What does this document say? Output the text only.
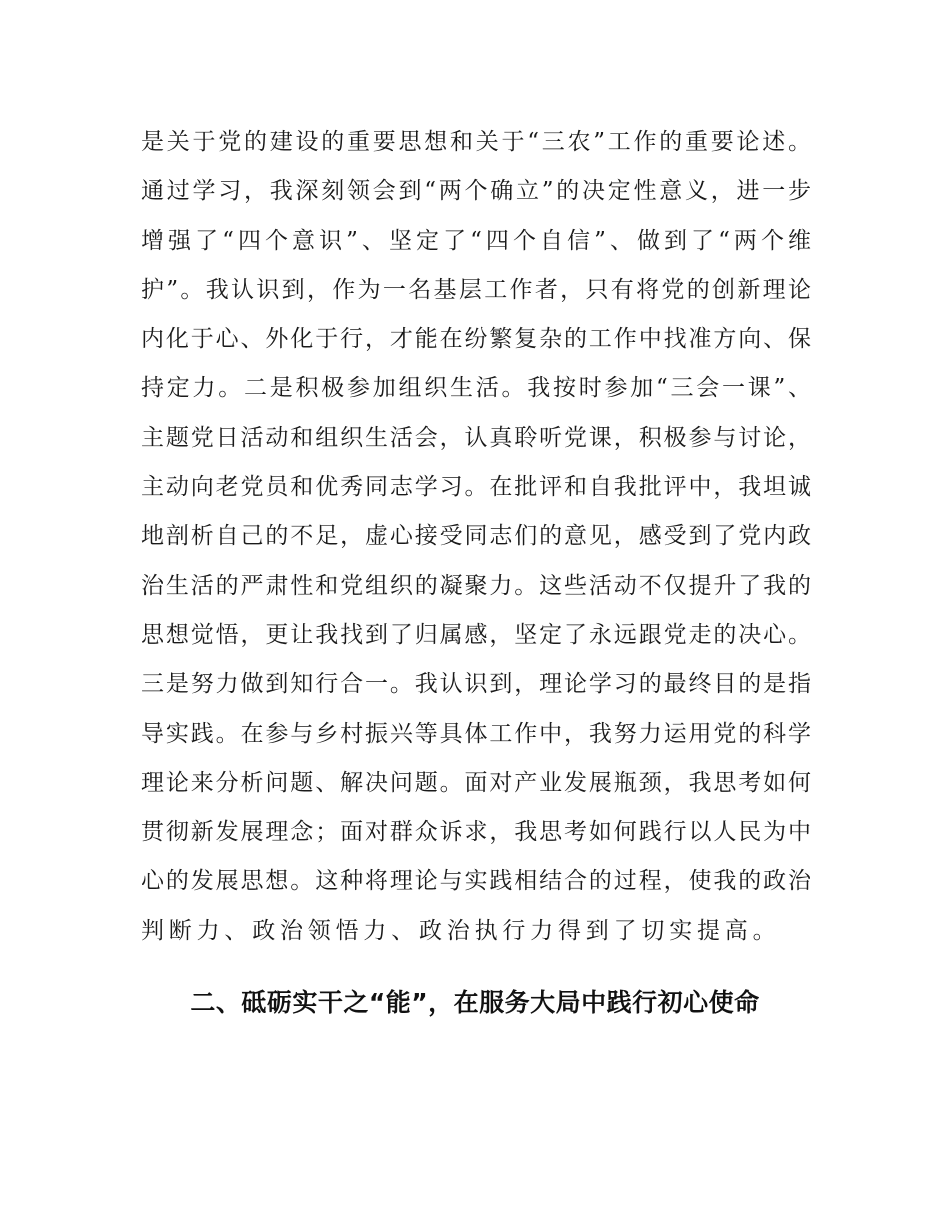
是关于党的建设的重要思想和关于“三农”工作的重要论述。
通过学习，我深刻领会到“两个确立”的决定性意义，进一步
增强了“四个意识”、坚定了“四个自信”、做到了“两个维
护”。我认识到，作为一名基层工作者，只有将党的创新理论
内化于心、外化于行，才能在纷繁复杂的工作中找准方向、保
持定力。二是积极参加组织生活。我按时参加“三会一课”、
主题党日活动和组织生活会，认真聆听党课，积极参与讨论，
主动向老党员和优秀同志学习。在批评和自我批评中，我坦诚
地剖析自己的不足，虚心接受同志们的意见，感受到了党内政
治生活的严肃性和党组织的凝聚力。这些活动不仅提升了我的
思想觉悟，更让我找到了归属感，坚定了永远跟党走的决心。
三是努力做到知行合一。我认识到，理论学习的最终目的是指
导实践。在参与乡村振兴等具体工作中，我努力运用党的科学
理论来分析问题、解决问题。面对产业发展瓶颈，我思考如何
贯彻新发展理念；面对群众诉求，我思考如何践行以人民为中
心的发展思想。这种将理论与实践相结合的过程，使我的政治
判断力、政治领悟力、政治执行力得到了切实提高。
二、砥砺实干之“能”，在服务大局中践行初心使命
